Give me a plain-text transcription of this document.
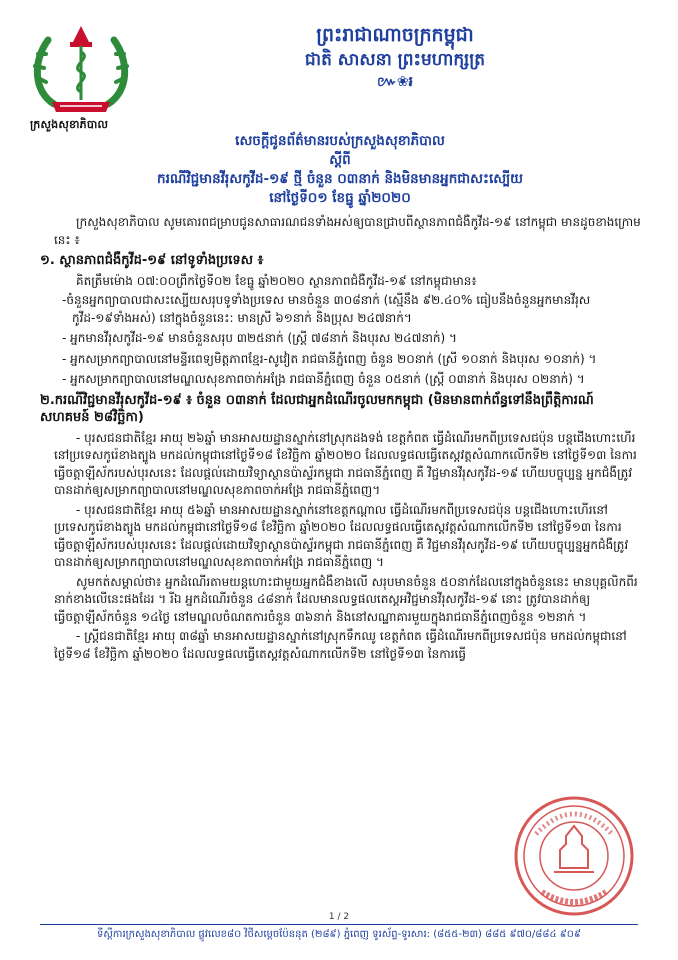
ក្រសួងសុខាភិបាល
ព្រះរាជាណាចក្រកម្ពុជា
ជាតិ សាសនា ព្រះមហាក្សត្រ
៚❀៛
សេចក្តីជូនព័ត៌មានរបស់ក្រសួងសុខាភិបាល
ស្តីពី
ករណីវិជ្ជមានវីរុសកូវីដ-១៩ ថ្មី ចំនួន ០៣នាក់ និងមិនមានអ្នកជាសះស្បើយ
នៅថ្ងៃទី០១ ខែធ្នូ ឆ្នាំ២០២០

ក្រសួងសុខាភិបាល សូមគោរពជម្រាបជូនសាធារណជនទាំងអស់ឲ្យបានជ្រាបពីស្ថានភាពជំងឺកូវីដ-១៩ នៅកម្ពុជា មានដូចខាងក្រោមនេះ ៖

១. ស្ថានភាពជំងឺកូវីដ-១៩ នៅទូទាំងប្រទេស ៖

គិតត្រឹមម៉ោង ០៧:០០ព្រឹកថ្ងៃទី០២ ខែធ្នូ ឆ្នាំ២០២០ ស្ថានភាពជំងឺកូវីដ-១៩ នៅកម្ពុជាមាន៖

-ចំនួនអ្នកព្យាបាលជាសះស្បើយសរុបទូទាំងប្រទេស មានចំនួន ៣០៨នាក់ (ស្មើនឹង ៩២.៤០% ធៀបនឹងចំនួនអ្នកមានវីរុស កូវីដ-១៩ទាំងអស់) នៅក្នុងចំនួននេះ: មានស្រី ៦១នាក់ និងប្រុស ២៤៧នាក់។

- អ្នកមានវីរុសកូវីដ-១៩ មានចំនួនសរុប ៣២៥នាក់ (ស្ត្រី ៧៨នាក់ និងបុរស ២៤៧នាក់) ។

- អ្នកសម្រាកព្យាបាលនៅមន្ទីរពេទ្យមិត្តភាពខ្មែរ-សូវៀត រាជធានីភ្នំពេញ ចំនួន ២០នាក់ (ស្រី ១០នាក់ និងបុរស ១០នាក់) ។

- អ្នកសម្រាកព្យាបាលនៅមណ្ឌលសុខភាពចាក់អង្រែ រាជធានីភ្នំពេញ ចំនួន ០៥នាក់ (ស្ត្រី ០៣នាក់ និងបុរស ០២នាក់) ។

២.ករណីវិជ្ជមានវីរុសកូវីដ-១៩ ៖ ចំនួន ០៣នាក់ ដែលជាអ្នកដំណើរចូលមកកម្ពុជា (មិនមានពាក់ព័ន្ធទៅនឹងព្រឹត្តិការណ៍សហគមន៍ ២៨វិច្ឆិកា)

- បុរសជនជាតិខ្មែរ អាយុ ២៦ឆ្នាំ មានអាសយដ្ឋានស្នាក់នៅស្រុកដងទង់ ខេត្តកំពត ធ្វើដំណើរមកពីប្រទេសជប៉ុន បន្តជើងហោះហើរនៅប្រទេសកូរ៉េខាងត្បូង មកដល់កម្ពុជានៅថ្ងៃទី១៨ ខែវិច្ឆិកា ឆ្នាំ២០២០ ដែលលទ្ធផលធ្វើតេស្តវត្តសំណាកលើកទី២ នៅថ្ងៃទី១៣ នៃការធ្វើចត្តាឡីស័ករបស់បុរសនេះ ដែលផ្តល់ដោយវិទ្យាស្ថានប៉ាស្ទ័រកម្ពុជា រាជធានីភ្នំពេញ គឺ វិជ្ជមានវីរុសកូវីដ-១៩ ហើយបច្ចុប្បន្ន អ្នកជំងឺត្រូវបានដាក់ឲ្យសម្រាកព្យាបាលនៅមណ្ឌលសុខភាពចាក់អង្រែ រាជធានីភ្នំពេញ។

- បុរសជនជាតិខ្មែរ អាយុ ៥៦ឆ្នាំ មានអាសយដ្ឋានស្នាក់នៅខេត្តកណ្តាល ធ្វើដំណើរមកពីប្រទេសជប៉ុន បន្តជើងហោះហើរនៅប្រទេសកូរ៉េខាងត្បូង មកដល់កម្ពុជានៅថ្ងៃទី១៨ ខែវិច្ឆិកា ឆ្នាំ២០២០ ដែលលទ្ធផលធ្វើតេស្តវត្តសំណាកលើកទី២ នៅថ្ងៃទី១៣ នៃការធ្វើចត្តាឡីស័ករបស់បុរសនេះ ដែលផ្តល់ដោយវិទ្យាស្ថានប៉ាស្ទ័រកម្ពុជា រាជធានីភ្នំពេញ គឺ វិជ្ជមានវីរុសកូវីដ-១៩ ហើយបច្ចុប្បន្នអ្នកជំងឺត្រូវបានដាក់ឲ្យសម្រាកព្យាបាលនៅមណ្ឌលសុខភាពចាក់អង្រែ រាជធានីភ្នំពេញ ។

សូមកត់សម្គាល់ថា៖ អ្នកដំណើរតាមយន្តហោះជាមួយអ្នកជំងឺខាងលើ សរុបមានចំនួន ៥០នាក់ដែលនៅក្នុងចំនួននេះ មានបុគ្គលិកពីរនាក់ខាងលើនេះផងដែរ ។ រីឯ អ្នកដំណើរចំនួន ៤៨នាក់ ដែលមានលទ្ធផលតេស្តអវិជ្ជមានវីរុសកូវីដ-១៩ នោះ ត្រូវបានដាក់ឲ្យធ្វើចត្តាឡីស័កចំនួន ១៤ថ្ងៃ នៅមណ្ឌលចំណតការចំនួន ៣៦នាក់ និងនៅសណ្ឋាគារមួយក្នុងរាជធានីភ្នំពេញចំនួន ១២នាក់ ។

- ស្ត្រីជនជាតិខ្មែរ អាយុ ៣៨ឆ្នាំ មានអាសយដ្ឋានស្នាក់នៅស្រុកទឹកឈូ ខេត្តកំពត ធ្វើដំណើរមកពីប្រទេសជប៉ុន មកដល់កម្ពុជានៅថ្ងៃទី១៨ ខែវិច្ឆិកា ឆ្នាំ២០២០ ដែលលទ្ធផលធ្វើតេស្តវត្តសំណាកលើកទី២ នៅថ្ងៃទី១៣ នៃការធ្វើ

1 / 2
ទីស្តីការក្រសួងសុខាភិបាល ផ្លូវលេខ៨០ វិថីសម្តេចប៉ែននុត (២៨៩) ភ្នំពេញ ទូរស័ព្ទ-ទូរសារ: (៨៥៥-២៣) ៨៨៥ ៩៧០/៨៨៤ ៩០៩
